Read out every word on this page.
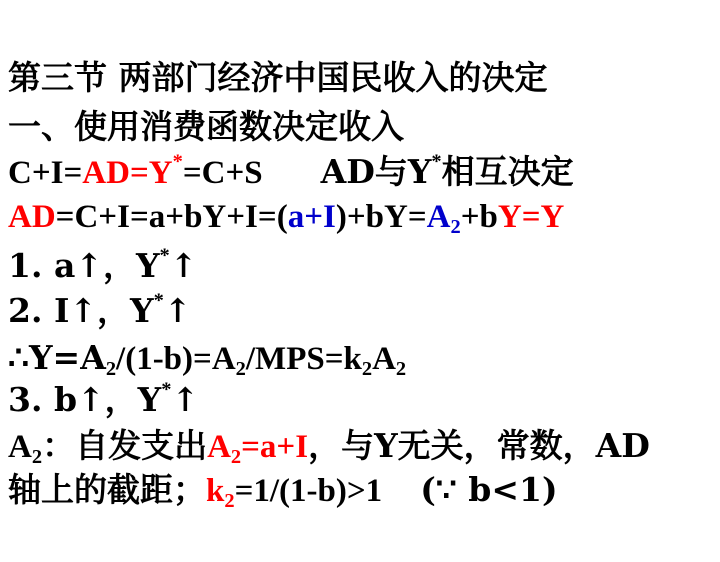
第三节 两部门经济中国民收入的决定
一、使用消费函数决定收入
C+I=AD=Y*=C+S AD与Y*相互决定
$AD=C+I=a+bY+I=(a+I)+bY=A_2+bY=Y$
1. a↑，Y*↑
2. I↑，Y*↑
$\therefore Y=A_2/(1-b)=A_2/MPS=k_2A_2$
3. b↑，Y*↑
$A_2$：自发支出$A_2=a+I$，与Y无关，常数，AD
轴上的截距；$k_2=1/(1-b)>1$ (∵ b<1)
